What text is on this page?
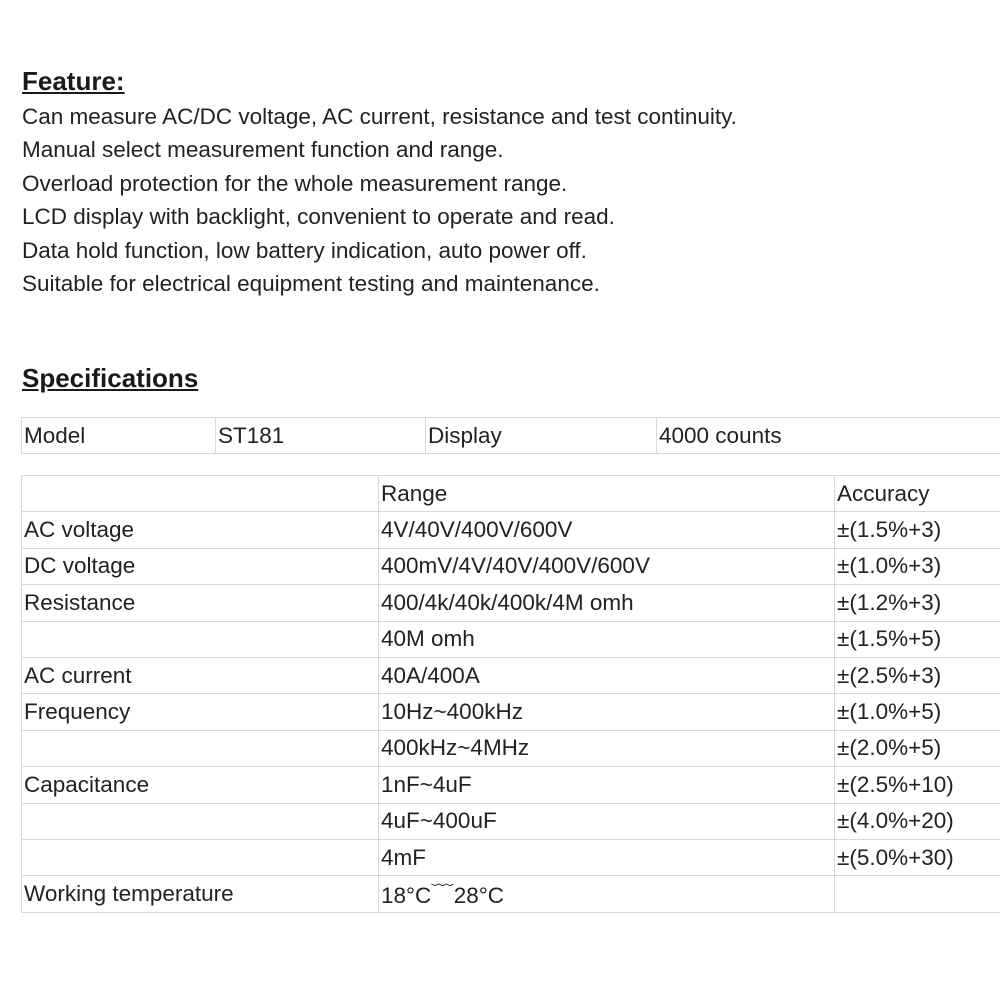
Feature:
Can measure AC/DC voltage, AC current, resistance and test continuity.
Manual select measurement function and range.
Overload protection for the whole measurement range.
LCD display with backlight, convenient to operate and read.
Data hold function, low battery indication, auto power off.
Suitable for electrical equipment testing and maintenance.
Specifications
Model	ST181	Display	4000 counts
	Range	Accuracy
AC voltage	4V/40V/400V/600V	±(1.5%+3)
DC voltage	400mV/4V/40V/400V/600V	±(1.0%+3)
Resistance	400/4k/40k/400k/4M omh	±(1.2%+3)
	40M omh	±(1.5%+5)
AC current	40A/400A	±(2.5%+3)
Frequency	10Hz~400kHz	±(1.0%+5)
	400kHz~4MHz	±(2.0%+5)
Capacitance	1nF~4uF	±(2.5%+10)
	4uF~400uF	±(4.0%+20)
	4mF	±(5.0%+30)
Working temperature	18°C﹋28°C	
